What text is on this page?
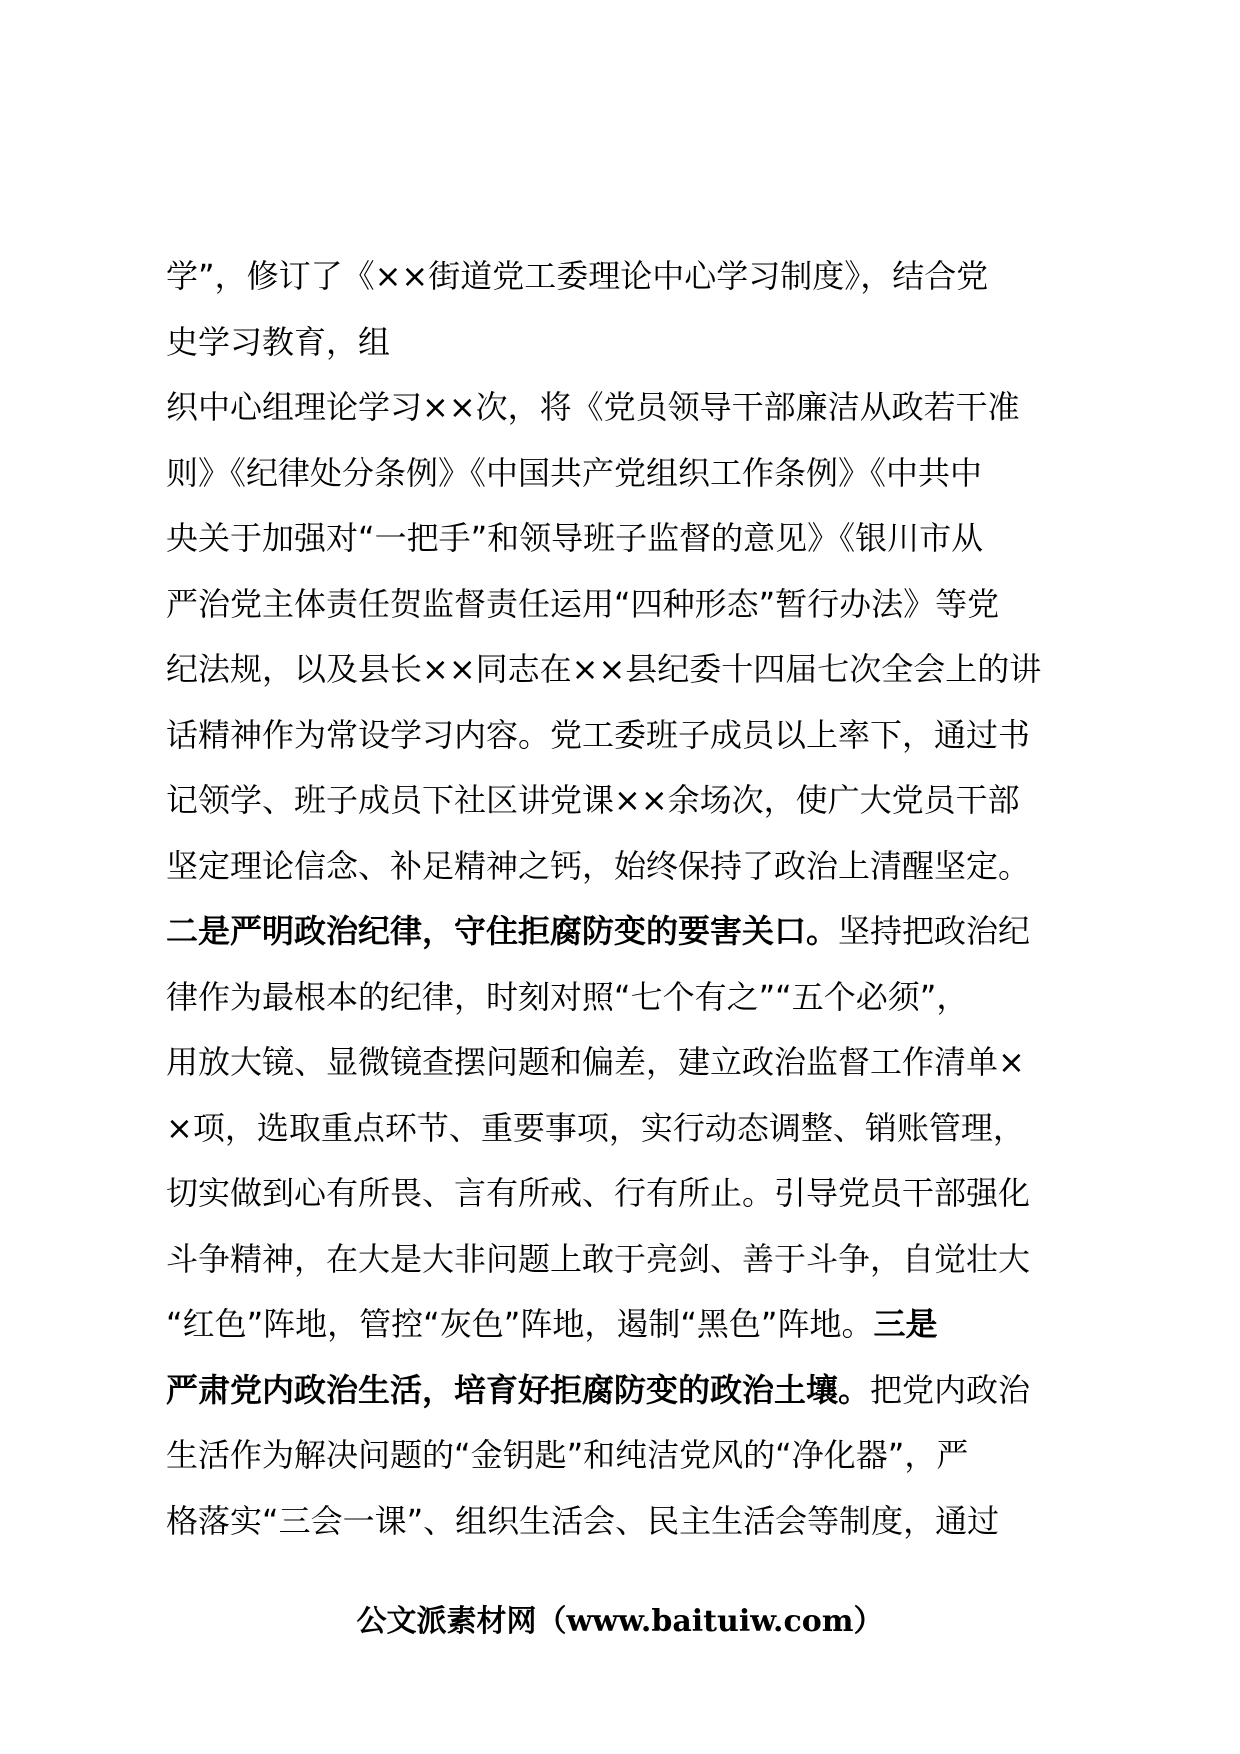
学”，修订了《××街道党工委理论中心学习制度》，结合党
史学习教育，组
织中心组理论学习××次，将《党员领导干部廉洁从政若干准
则》《纪律处分条例》《中国共产党组织工作条例》《中共中
央关于加强对“一把手”和领导班子监督的意见》《银川市从
严治党主体责任贺监督责任运用“四种形态”暂行办法》等党
纪法规，以及县长××同志在××县纪委十四届七次全会上的讲
话精神作为常设学习内容。党工委班子成员以上率下，通过书
记领学、班子成员下社区讲党课××余场次，使广大党员干部
坚定理论信念、补足精神之钙，始终保持了政治上清醒坚定。
二是严明政治纪律，守住拒腐防变的要害关口。坚持把政治纪
律作为最根本的纪律，时刻对照“七个有之”“五个必须”，
用放大镜、显微镜查摆问题和偏差，建立政治监督工作清单×
×项，选取重点环节、重要事项，实行动态调整、销账管理，
切实做到心有所畏、言有所戒、行有所止。引导党员干部强化
斗争精神，在大是大非问题上敢于亮剑、善于斗争，自觉壮大
“红色”阵地，管控“灰色”阵地，遏制“黑色”阵地。三是
严肃党内政治生活，培育好拒腐防变的政治土壤。把党内政治
生活作为解决问题的“金钥匙”和纯洁党风的“净化器”，严
格落实“三会一课”、组织生活会、民主生活会等制度，通过
公文派素材网（www.baituiw.com）
